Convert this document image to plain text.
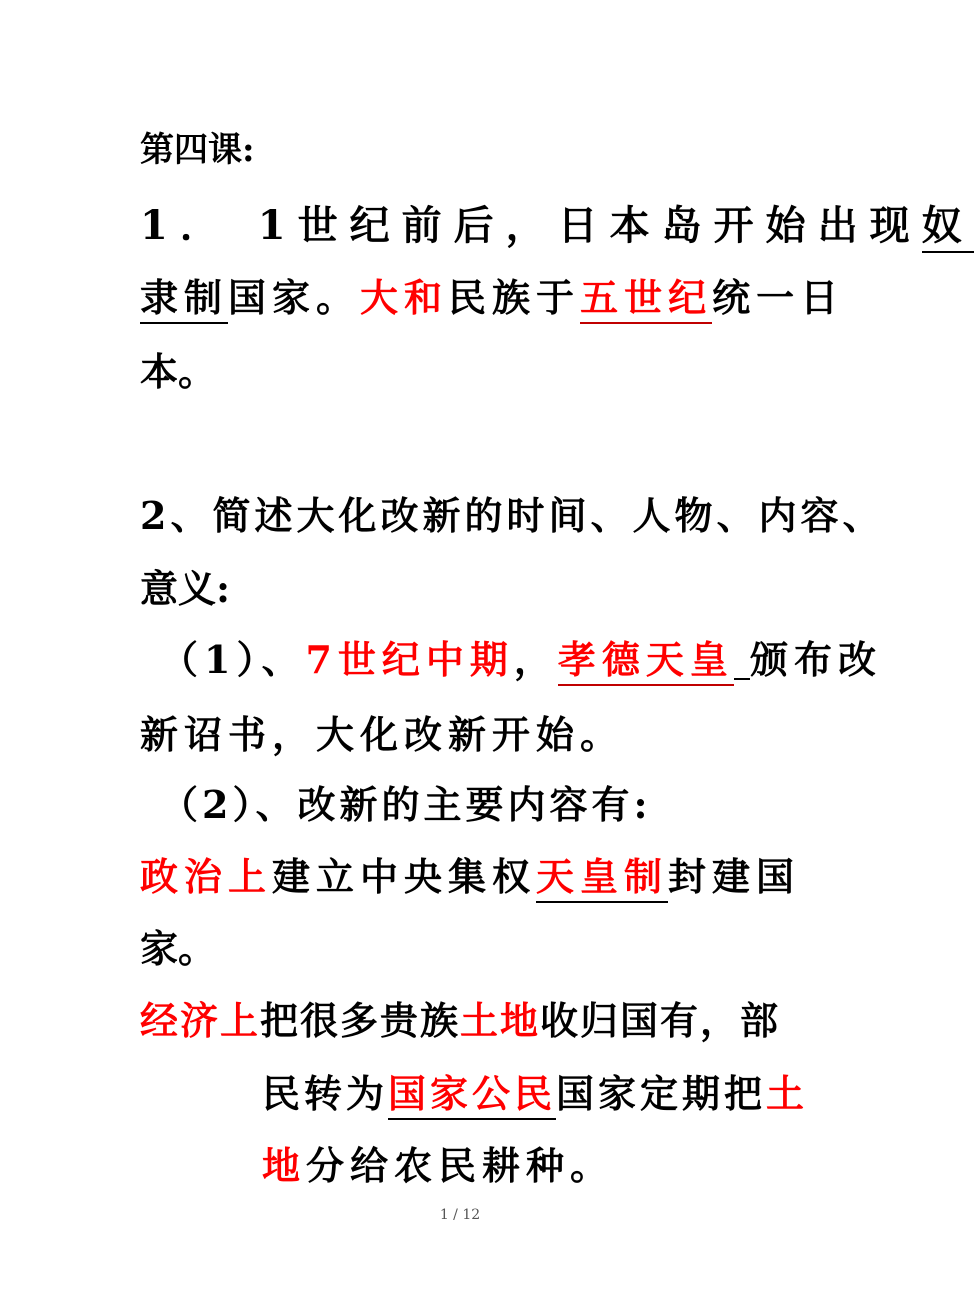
第四课:
1． 1世纪前后，日本岛开始出现奴
隶制国家。大和民族于五世纪统一日
本。
2、简述大化改新的时间、人物、内容、
意义:
（1）、7世纪中期，孝德天皇 颁布改
新诏书，大化改新开始。
（2）、改新的主要内容有:
政治上建立中央集权天皇制封建国
家。
经济上把很多贵族土地收归国有，部
民转为国家公民国家定期把土
地分给农民耕种。
1 / 12
